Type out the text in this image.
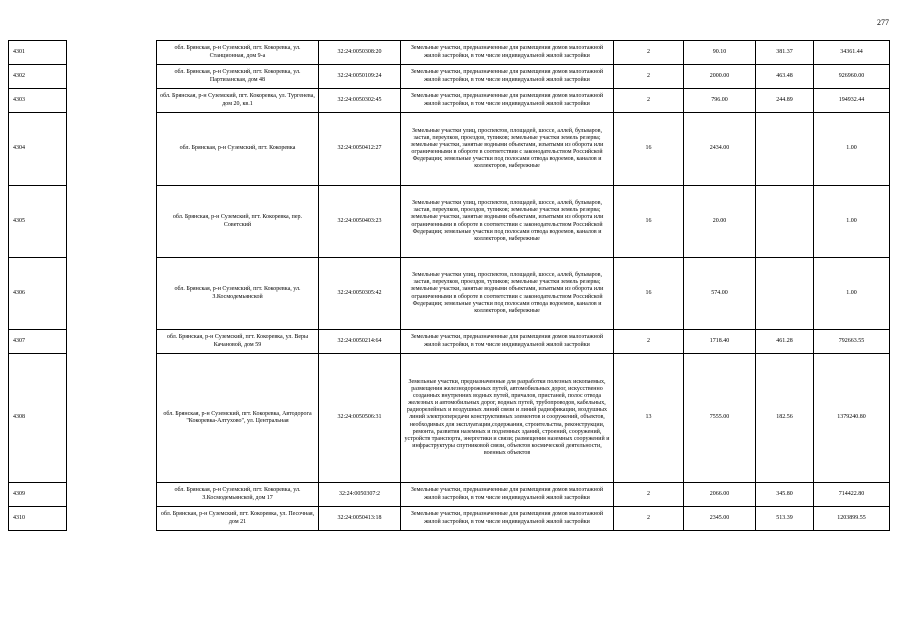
277
4301		обл. Брянская, р-н Суземский, пгт. Кокоревка, ул. Станционная, дом 9-а	32:24:0050308:20	Земельные участки, предназначенные для размещения домов малоэтажной жилой застройки, в том числе индивидуальной жилой застройки	2	90.10	381.37	34361.44
4302		обл. Брянская, р-н Суземский, пгт. Кокоревка, ул. Партизанская, дом 48	32:24:0050109:24	Земельные участки, предназначенные для размещения домов малоэтажной жилой застройки, в том числе индивидуальной жилой застройки	2	2000.00	463.48	926960.00
4303		обл. Брянская, р-н Суземский, пгт. Кокоревка, ул. Тургенева, дом 20, кв.1	32:24:0050302:45	Земельные участки, предназначенные для размещения домов малоэтажной жилой застройки, в том числе индивидуальной жилой застройки	2	796.00	244.89	194932.44
4304		обл. Брянская, р-н Суземский, пгт. Кокоревка	32:24:0050412:27	Земельные участки улиц, проспектов, площадей, шоссе, аллей, бульваров, застав, переулков, проездов, тупиков; земельные участки земель резерва; земельные участки, занятые водными объектами, изъятыми из оборота или ограниченными в обороте в соответствии с законодательством Российской Федерации; земельные участки под полосами отвода водоемов, каналов и коллекторов, набережные	16	2434.00		1.00
4305		обл. Брянская, р-н Суземский, пгт. Кокоревка, пер. Советский	32:24:0050403:23	Земельные участки улиц, проспектов, площадей, шоссе, аллей, бульваров, застав, переулков, проездов, тупиков; земельные участки земель резерва; земельные участки, занятые водными объектами, изъятыми из оборота или ограниченными в обороте в соответствии с законодательством Российской Федерации; земельные участки под полосами отвода водоемов, каналов и коллекторов, набережные	16	20.00		1.00
4306		обл. Брянская, р-н Суземский, пгт. Кокоревка, ул. З.Космодемьянской	32:24:0050305:42	Земельные участки улиц, проспектов, площадей, шоссе, аллей, бульваров, застав, переулков, проездов, тупиков; земельные участки земель резерва; земельные участки, занятые водными объектами, изъятыми из оборота или ограниченными в обороте в соответствии с законодательством Российской Федерации; земельные участки под полосами отвода водоемов, каналов и коллекторов, набережные	16	574.00		1.00
4307		обл. Брянская, р-н Суземский, пгт. Кокоревка, ул. Веры Качановой, дом 59	32:24:0050214:64	Земельные участки, предназначенные для размещения домов малоэтажной жилой застройки, в том числе индивидуальной жилой застройки	2	1718.40	461.28	792663.55
4308		обл. Брянская, р-н Суземский, пгт. Кокоревка, Автодорога "Кокоревка-Алтухово", ул. Центральная	32:24:0050506:31	Земельные участки, предназначенные для разработки полезных ископаемых, размещения железнодорожных путей, автомобильных дорог, искусственно созданных внутренних водных путей, причалов, пристаней, полос отвода железных и автомобильных дорог, водных путей, трубопроводов, кабельных, радиорелейных и воздушных линий связи и линий радиофикации, воздушных линий электропередачи конструктивных элементов и сооружений, объектов, необходимых для эксплуатации,содержания, строительства, реконструкции, ремонта, развития наземных и подземных зданий, строений, сооружений, устройств транспорта, энергетики и связи; размещения наземных сооружений и инфраструктуры спутниковой связи, объектов космической деятельности, военных объектов	13	7555.00	182.56	1379240.80
4309		обл. Брянская, р-н Суземский, пгт. Кокоревка, ул. З.Космодемьянской, дом 17	32:24:0050307:2	Земельные участки, предназначенные для размещения домов малоэтажной жилой застройки, в том числе индивидуальной жилой застройки	2	2066.00	345.80	714422.80
4310		обл. Брянская, р-н Суземский, пгт. Кокоревка, ул. Песочная, дом 21	32:24:0050413:18	Земельные участки, предназначенные для размещения домов малоэтажной жилой застройки, в том числе индивидуальной жилой застройки	2	2345.00	513.39	1203899.55
